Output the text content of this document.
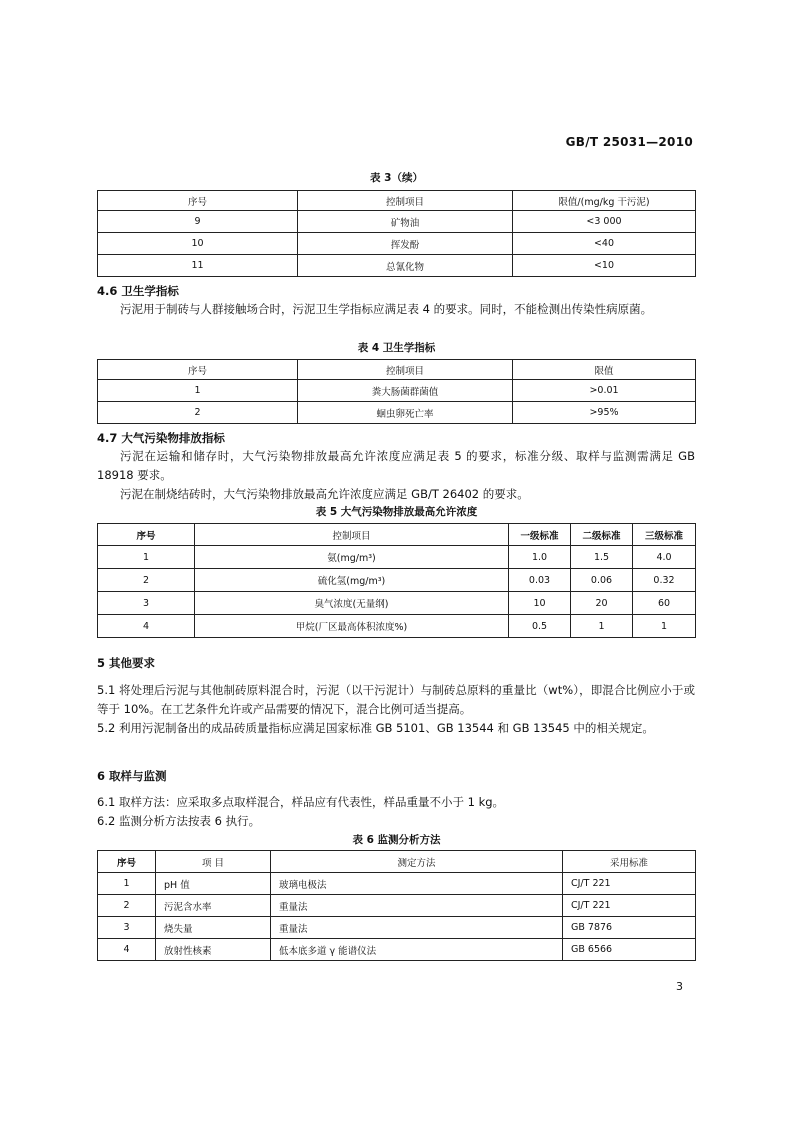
GB/T 25031—2010
表 3（续）
序号	控制项目	限值/(mg/kg 干污泥)
9	矿物油	<3 000
10	挥发酚	<40
11	总氰化物	<10
4.6 卫生学指标
污泥用于制砖与人群接触场合时，污泥卫生学指标应满足表 4 的要求。同时，不能检测出传染性病原菌。
表 4 卫生学指标
序号	控制项目	限值
1	粪大肠菌群菌值	>0.01
2	蛔虫卵死亡率	>95%
4.7 大气污染物排放指标
污泥在运输和储存时，大气污染物排放最高允许浓度应满足表 5 的要求，标准分级、取样与监测需满足 GB 18918 要求。
污泥在制烧结砖时，大气污染物排放最高允许浓度应满足 GB/T 26402 的要求。
表 5 大气污染物排放最高允许浓度
序号	控制项目	一级标准	二级标准	三级标准
1	氨(mg/m³)	1.0	1.5	4.0
2	硫化氢(mg/m³)	0.03	0.06	0.32
3	臭气浓度(无量纲)	10	20	60
4	甲烷(厂区最高体积浓度%)	0.5	1	1
5 其他要求
5.1 将处理后污泥与其他制砖原料混合时，污泥（以干污泥计）与制砖总原料的重量比（wt%），即混合比例应小于或等于 10%。在工艺条件允许或产品需要的情况下，混合比例可适当提高。
5.2 利用污泥制备出的成品砖质量指标应满足国家标准 GB 5101、GB 13544 和 GB 13545 中的相关规定。
6 取样与监测
6.1 取样方法：应采取多点取样混合，样品应有代表性，样品重量不小于 1 kg。
6.2 监测分析方法按表 6 执行。
表 6 监测分析方法
序号	项 目	测定方法	采用标准
1	pH 值	玻璃电极法	CJ/T 221
2	污泥含水率	重量法	CJ/T 221
3	烧失量	重量法	GB 7876
4	放射性核素	低本底多道 γ 能谱仪法	GB 6566
3
